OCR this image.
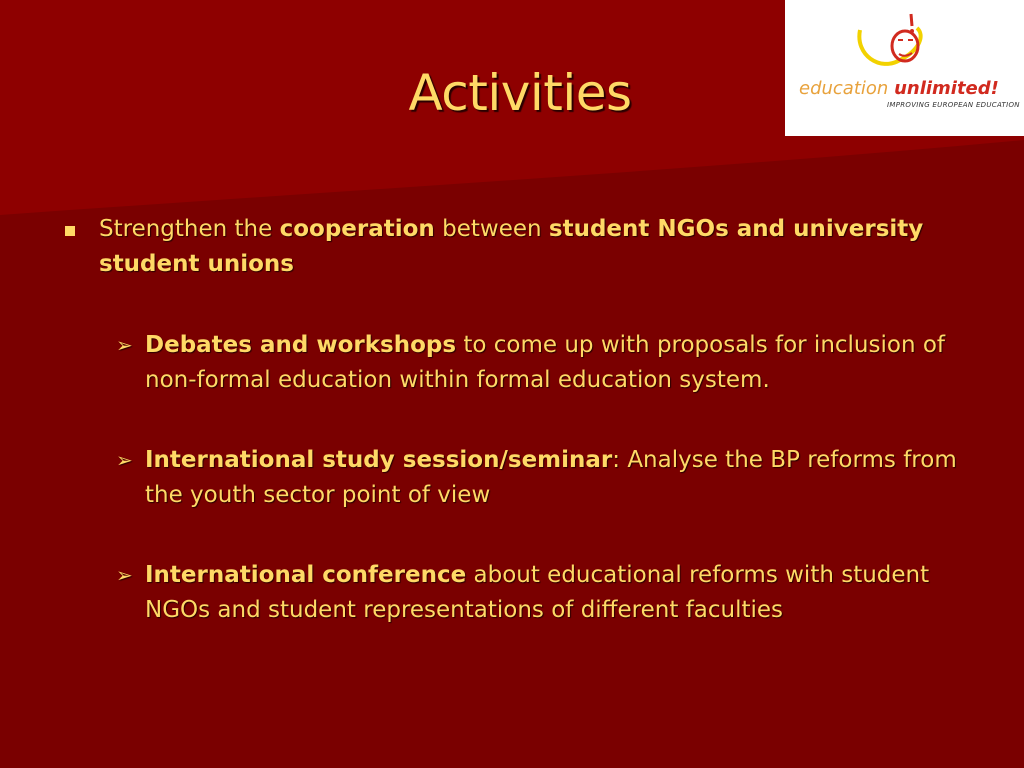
Activities	education unlimited!
IMPROVING EUROPEAN EDUCATION
Strengthen the cooperation between student NGOs and university student unions
➢ Debates and workshops to come up with proposals for inclusion of non-formal education within formal education system.
➢ International study session/seminar: Analyse the BP reforms from the youth sector point of view
➢ International conference about educational reforms with student NGOs and student representations of different faculties
